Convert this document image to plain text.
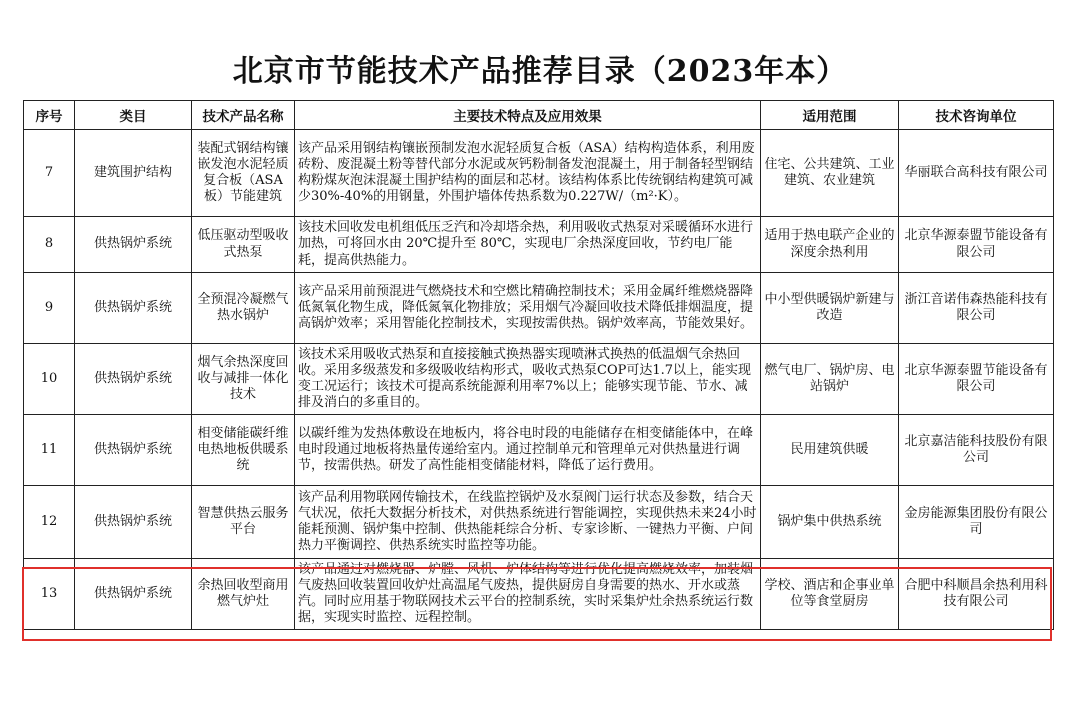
北京市节能技术产品推荐目录（2023年本）
序号	类目	技术产品名称	主要技术特点及应用效果	适用范围	技术咨询单位
7	建筑围护结构	装配式钢结构镶嵌发泡水泥轻质复合板（ASA板）节能建筑	该产品采用钢结构镶嵌预制发泡水泥轻质复合板（ASA）结构构造体系，利用废砖粉、废混凝土粉等替代部分水泥或灰钙粉制备发泡混凝土，用于制备轻型钢结构粉煤灰泡沫混凝土围护结构的面层和芯材。该结构体系比传统钢结构建筑可减少30%-40%的用钢量，外围护墙体传热系数为0.227W/（m²·K）。	住宅、公共建筑、工业建筑、农业建筑	华丽联合高科技有限公司
8	供热锅炉系统	低压驱动型吸收式热泵	该技术回收发电机组低压乏汽和冷却塔余热，利用吸收式热泵对采暖循环水进行加热，可将回水由 20℃提升至 80℃，实现电厂余热深度回收，节约电厂能耗，提高供热能力。	适用于热电联产企业的深度余热利用	北京华源泰盟节能设备有限公司
9	供热锅炉系统	全预混冷凝燃气热水锅炉	该产品采用前预混进气燃烧技术和空燃比精确控制技术；采用金属纤维燃烧器降低氮氧化物生成，降低氮氧化物排放；采用烟气冷凝回收技术降低排烟温度，提高锅炉效率；采用智能化控制技术，实现按需供热。锅炉效率高，节能效果好。	中小型供暖锅炉新建与改造	浙江音诺伟森热能科技有限公司
10	供热锅炉系统	烟气余热深度回收与减排一体化技术	该技术采用吸收式热泵和直接接触式换热器实现喷淋式换热的低温烟气余热回收。采用多级蒸发和多级吸收结构形式，吸收式热泵COP可达1.7以上，能实现变工况运行；该技术可提高系统能源利用率7%以上；能够实现节能、节水、减排及消白的多重目的。	燃气电厂、锅炉房、电站锅炉	北京华源泰盟节能设备有限公司
11	供热锅炉系统	相变储能碳纤维电热地板供暖系统	以碳纤维为发热体敷设在地板内，将谷电时段的电能储存在相变储能体中，在峰电时段通过地板将热量传递给室内。通过控制单元和管理单元对供热量进行调节，按需供热。研发了高性能相变储能材料，降低了运行费用。	民用建筑供暖	北京嘉洁能科技股份有限公司
12	供热锅炉系统	智慧供热云服务平台	该产品利用物联网传输技术，在线监控锅炉及水泵阀门运行状态及参数，结合天气状况，依托大数据分析技术，对供热系统进行智能调控，实现供热未来24小时能耗预测、锅炉集中控制、供热能耗综合分析、专家诊断、一键热力平衡、户间热力平衡调控、供热系统实时监控等功能。	锅炉集中供热系统	金房能源集团股份有限公司
13	供热锅炉系统	余热回收型商用燃气炉灶	该产品通过对燃烧器、炉膛、风机、炉体结构等进行优化提高燃烧效率，加装烟气废热回收装置回收炉灶高温尾气废热，提供厨房自身需要的热水、开水或蒸汽。同时应用基于物联网技术云平台的控制系统，实时采集炉灶余热系统运行数据，实现实时监控、远程控制。	学校、酒店和企事业单位等食堂厨房	合肥中科顺昌余热利用科技有限公司
